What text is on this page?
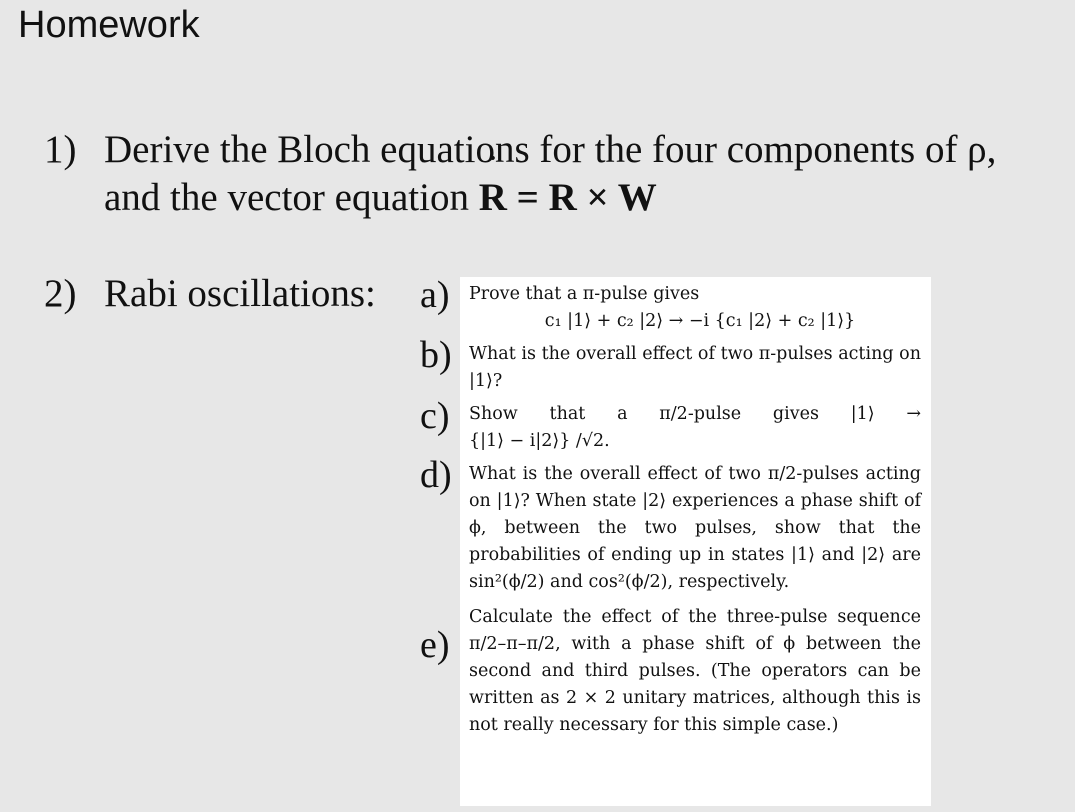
Homework
1) Derive the Bloch equations for the four components of ρ,
and the vector equation ˙ R = R × W
2) Rabi oscillations: a)
b)
c)
d)
e)
Prove that a π-pulse gives
c₁ |1⟩ + c₂ |2⟩ → −i {c₁ |2⟩ + c₂ |1⟩}
What is the overall effect of two π-pulses acting on |1⟩?
Show that a π/2-pulse gives |1⟩ →
{|1⟩ − i|2⟩} /√2.
What is the overall effect of two π/2-pulses acting on |1⟩? When state |2⟩ experiences a phase shift of ϕ, between the two pulses, show that the probabilities of ending up in states |1⟩ and |2⟩ are sin²(ϕ/2) and cos²(ϕ/2), respectively.
Calculate the effect of the three-pulse sequence π/2–π–π/2, with a phase shift of ϕ between the second and third pulses. (The operators can be written as 2 × 2 unitary matrices, although this is not really necessary for this simple case.)
